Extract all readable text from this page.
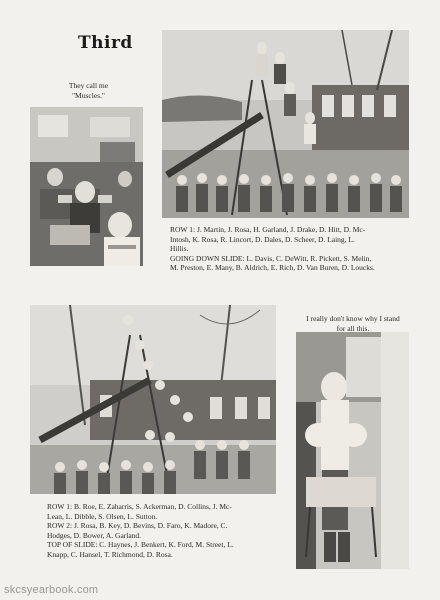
Third
They call me
"Muscles."
ROW 1: J. Martin, J. Rosa, H. Garland, J. Drake, D. Hitt, D. Mc-
Intosh, K. Rosa, R. Lincort, D. Dales, D. Scheer, D. Laing, L.
Hillis.
GOING DOWN SLIDE: L. Davis, C. DeWitt, R. Pickett, S. Melin,
M. Preston, E. Many, B. Aldrich, E. Rich, D. Van Buren, D. Loucks.
ROW 1: B. Roe, E. Zaharris, S. Ackerman, D. Collins, J. Mc-
Lean, L. Dibble, S. Olsen, L. Sutton.
ROW 2: J. Rosa, B. Key, D. Bevins, D. Faro, K. Madore, C.
Hodges, D. Bower, A. Garland.
TOP OF SLIDE: C. Haynes, J. Benkert, K. Ford, M. Street, L.
Knapp, C. Hansel, T. Richmond, D. Rosa.
I really don't know why I stand
for all this.
skcsyearbook.com
